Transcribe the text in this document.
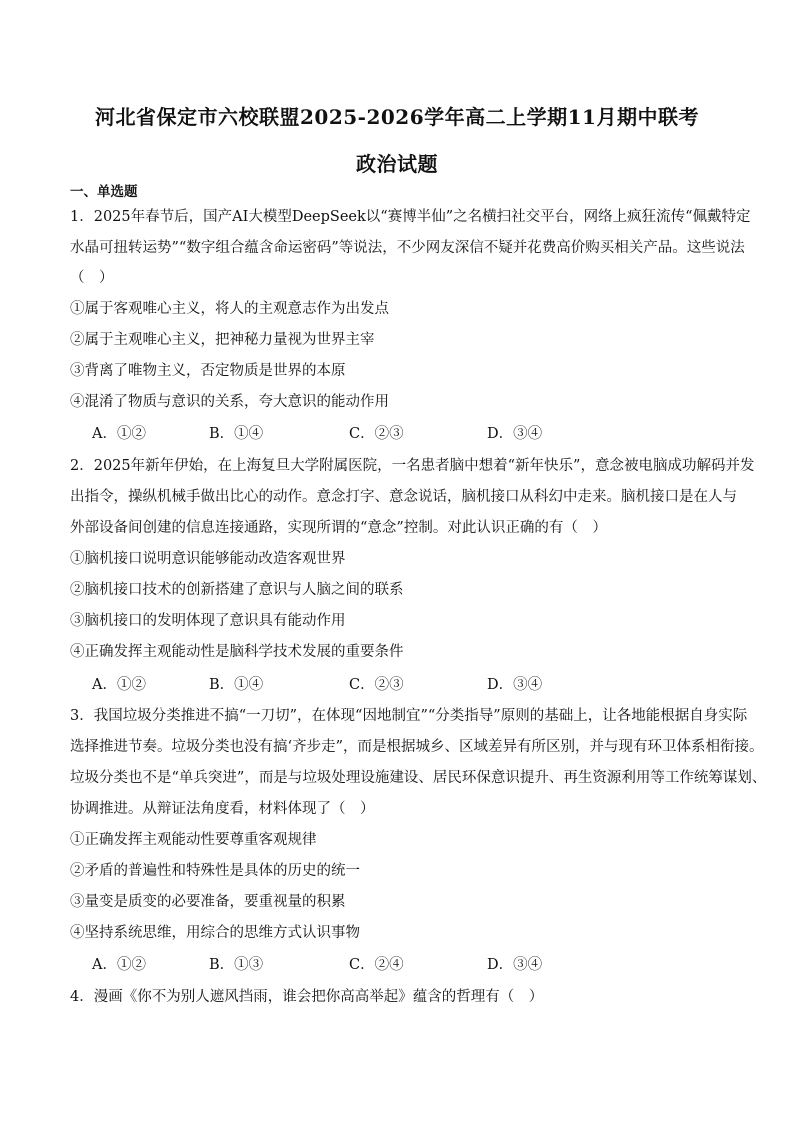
河北省保定市六校联盟2025-2026学年高二上学期11月期中联考
政治试题
一、单选题
1．2025年春节后，国产AI大模型DeepSeek以“赛博半仙”之名横扫社交平台，网络上疯狂流传“佩戴特定
水晶可扭转运势”“数字组合蕴含命运密码”等说法，不少网友深信不疑并花费高价购买相关产品。这些说法
（　）
①属于客观唯心主义，将人的主观意志作为出发点
②属于主观唯心主义，把神秘力量视为世界主宰
③背离了唯物主义，否定物质是世界的本原
④混淆了物质与意识的关系，夸大意识的能动作用
A．①②	B．①④	C．②③	D．③④
2．2025年新年伊始，在上海复旦大学附属医院，一名患者脑中想着“新年快乐”，意念被电脑成功解码并发
出指令，操纵机械手做出比心的动作。意念打字、意念说话，脑机接口从科幻中走来。脑机接口是在人与
外部设备间创建的信息连接通路，实现所谓的“意念”控制。对此认识正确的有（　）
①脑机接口说明意识能够能动改造客观世界
②脑机接口技术的创新搭建了意识与人脑之间的联系
③脑机接口的发明体现了意识具有能动作用
④正确发挥主观能动性是脑科学技术发展的重要条件
A．①②	B．①④	C．②③	D．③④
3．我国垃圾分类推进不搞“一刀切”，在体现“因地制宜”“分类指导”原则的基础上，让各地能根据自身实际
选择推进节奏。垃圾分类也没有搞‘齐步走”，而是根据城乡、区域差异有所区别，并与现有环卫体系相衔接。
垃圾分类也不是“单兵突进”，而是与垃圾处理设施建设、居民环保意识提升、再生资源利用等工作统筹谋划、
协调推进。从辩证法角度看，材料体现了（　）
①正确发挥主观能动性要尊重客观规律
②矛盾的普遍性和特殊性是具体的历史的统一
③量变是质变的必要准备，要重视量的积累
④坚持系统思维，用综合的思维方式认识事物
A．①②	B．①③	C．②④	D．③④
4．漫画《你不为别人遮风挡雨，谁会把你高高举起》蕴含的哲理有（　）
